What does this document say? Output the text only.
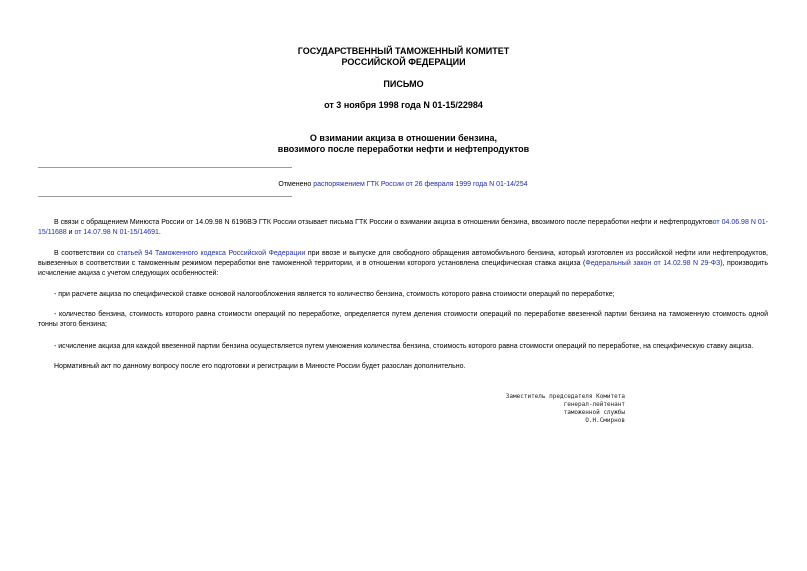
ГОСУДАРСТВЕННЫЙ ТАМОЖЕННЫЙ КОМИТЕТ
РОССИЙСКОЙ ФЕДЕРАЦИИ
ПИСЬМО
от 3 ноября 1998 года N 01-15/22984
О взимании акциза в отношении бензина,
ввозимого после переработки нефти и нефтепродуктов
Отменено распоряжением ГТК России от 26 февраля 1999 года N 01-14/254
В связи с обращением Минюста России от 14.09.98 N 6196ВЭ ГТК России отзывает письма ГТК России о взимании акциза в отношении бензина, ввозимого после переработки нефти и нефтепродуктовот 04.06.98 N 01-15/11688 и от 14.07.98 N 01-15/14691.
В соответствии со статьей 94 Таможенного кодекса Российской Федерации при ввозе и выпуске для свободного обращения автомобильного бензина, который изготовлен из российской нефти или нефтепродуктов, вывезенных в соответствии с таможенным режимом переработки вне таможенной территории, и в отношении которого установлена специфическая ставка акциза (Федеральный закон от 14.02.98 N 29-ФЗ), производить исчисление акциза с учетом следующих особенностей:
- при расчете акциза по специфической ставке основой налогообложения является то количество бензина, стоимость которого равна стоимости операций по переработке;
- количество бензина, стоимость которого равна стоимости операций по переработке, определяется путем деления стоимости операций по переработке ввезенной партии бензина на таможенную стоимость одной тонны этого бензина;
- исчисление акциза для каждой ввезенной партии бензина осуществляется путем умножения количества бензина, стоимость которого равна стоимости операций по переработке, на специфическую ставку акциза.
Нормативный акт по данному вопросу после его подготовки и регистрации в Минюсте России будет разослан дополнительно.
Заместитель председателя Комитета
генерал-лейтенант
таможенной службы
О.Н.Смирнов
